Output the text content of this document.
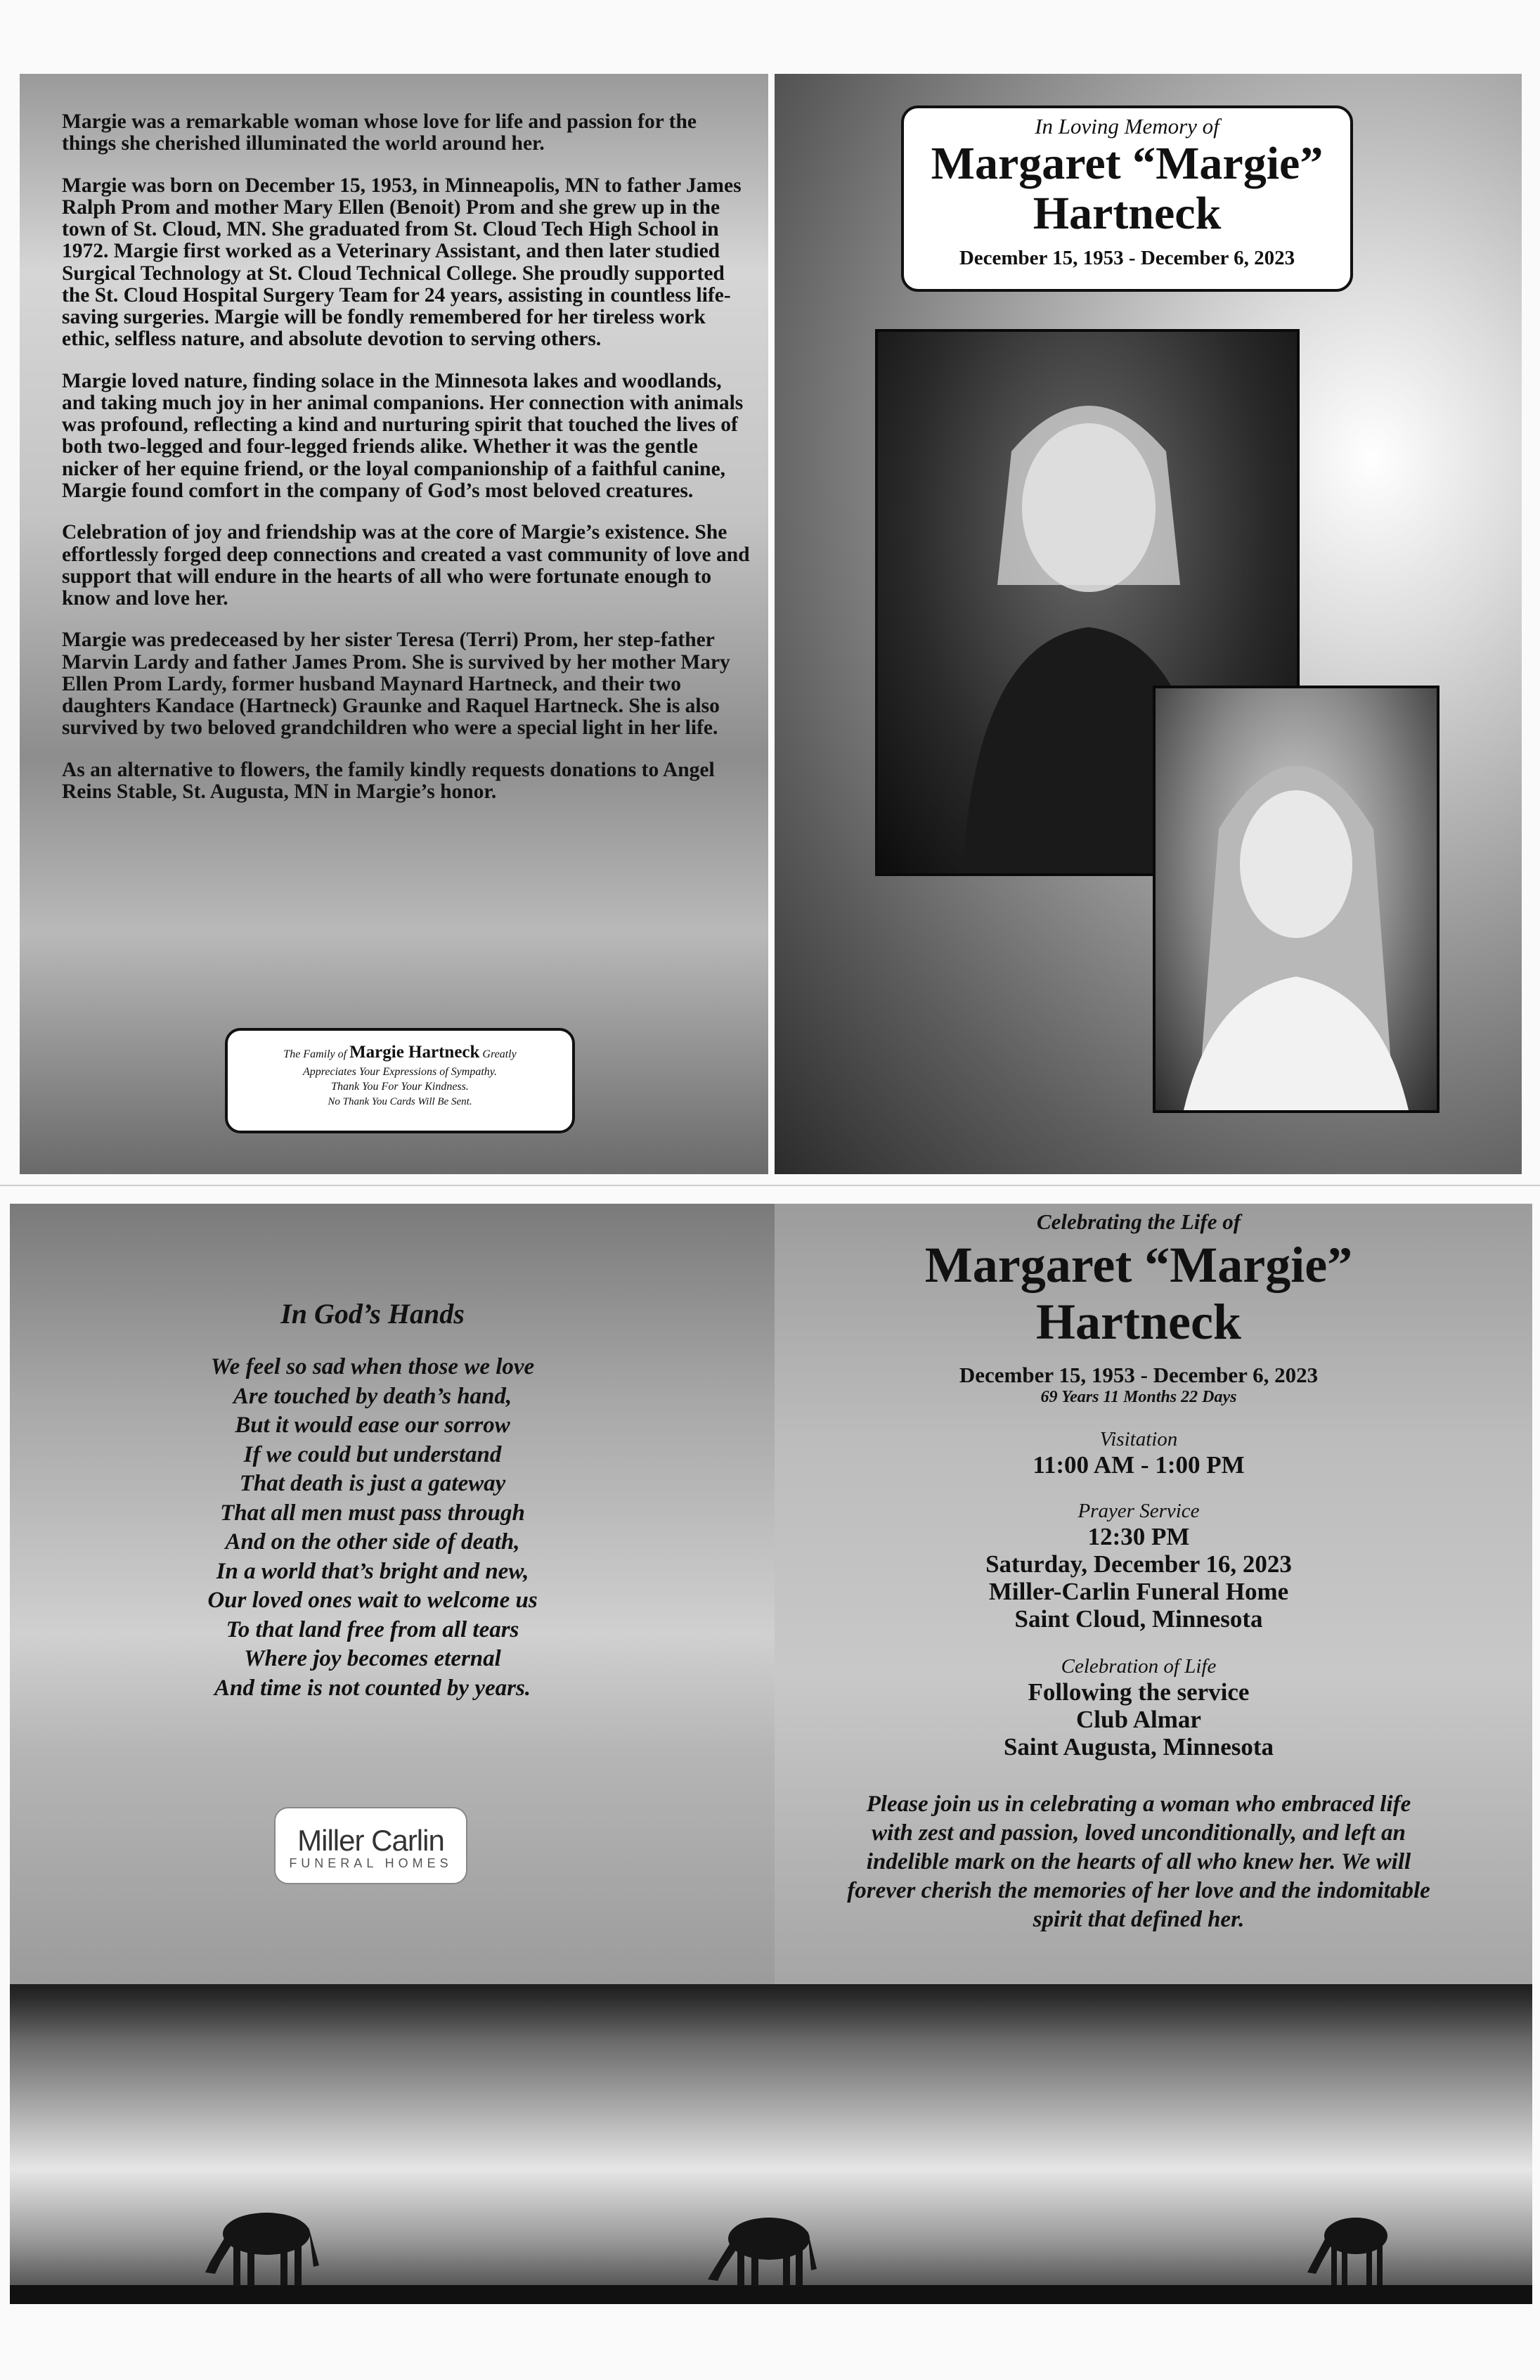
Margie was a remarkable woman whose love for life and passion for the things she cherished illuminated the world around her.

Margie was born on December 15, 1953, in Minneapolis, MN to father James Ralph Prom and mother Mary Ellen (Benoit) Prom and she grew up in the town of St. Cloud, MN. She graduated from St. Cloud Tech High School in 1972. Margie first worked as a Veterinary Assistant, and then later studied Surgical Technology at St. Cloud Technical College. She proudly supported the St. Cloud Hospital Surgery Team for 24 years, assisting in countless life-saving surgeries. Margie will be fondly remembered for her tireless work ethic, selfless nature, and absolute devotion to serving others.

Margie loved nature, finding solace in the Minnesota lakes and woodlands, and taking much joy in her animal companions. Her connection with animals was profound, reflecting a kind and nurturing spirit that touched the lives of both two-legged and four-legged friends alike. Whether it was the gentle nicker of her equine friend, or the loyal companionship of a faithful canine, Margie found comfort in the company of God’s most beloved creatures.

Celebration of joy and friendship was at the core of Margie’s existence. She effortlessly forged deep connections and created a vast community of love and support that will endure in the hearts of all who were fortunate enough to know and love her.

Margie was predeceased by her sister Teresa (Terri) Prom, her step-father Marvin Lardy and father James Prom. She is survived by her mother Mary Ellen Prom Lardy, former husband Maynard Hartneck, and their two daughters Kandace (Hartneck) Graunke and Raquel Hartneck. She is also survived by two beloved grandchildren who were a special light in her life.

As an alternative to flowers, the family kindly requests donations to Angel Reins Stable, St. Augusta, MN in Margie’s honor.

The Family of Margie Hartneck Greatly
Appreciates Your Expressions of Sympathy.
Thank You For Your Kindness.
No Thank You Cards Will Be Sent.
In Loving Memory of
Margaret “Margie”
Hartneck
December 15, 1953 - December 6, 2023
In God’s Hands
We feel so sad when those we love
Are touched by death’s hand,
But it would ease our sorrow
If we could but understand
That death is just a gateway
That all men must pass through
And on the other side of death,
In a world that’s bright and new,
Our loved ones wait to welcome us
To that land free from all tears
Where joy becomes eternal
And time is not counted by years.
Miller Carlin
FUNERAL HOMES
Celebrating the Life of
Margaret “Margie”
Hartneck
December 15, 1953 - December 6, 2023
69 Years 11 Months 22 Days
Visitation
11:00 AM - 1:00 PM
Prayer Service
12:30 PM
Saturday, December 16, 2023
Miller-Carlin Funeral Home
Saint Cloud, Minnesota
Celebration of Life
Following the service
Club Almar
Saint Augusta, Minnesota
Please join us in celebrating a woman who embraced life with zest and passion, loved unconditionally, and left an indelible mark on the hearts of all who knew her. We will forever cherish the memories of her love and the indomitable spirit that defined her.
